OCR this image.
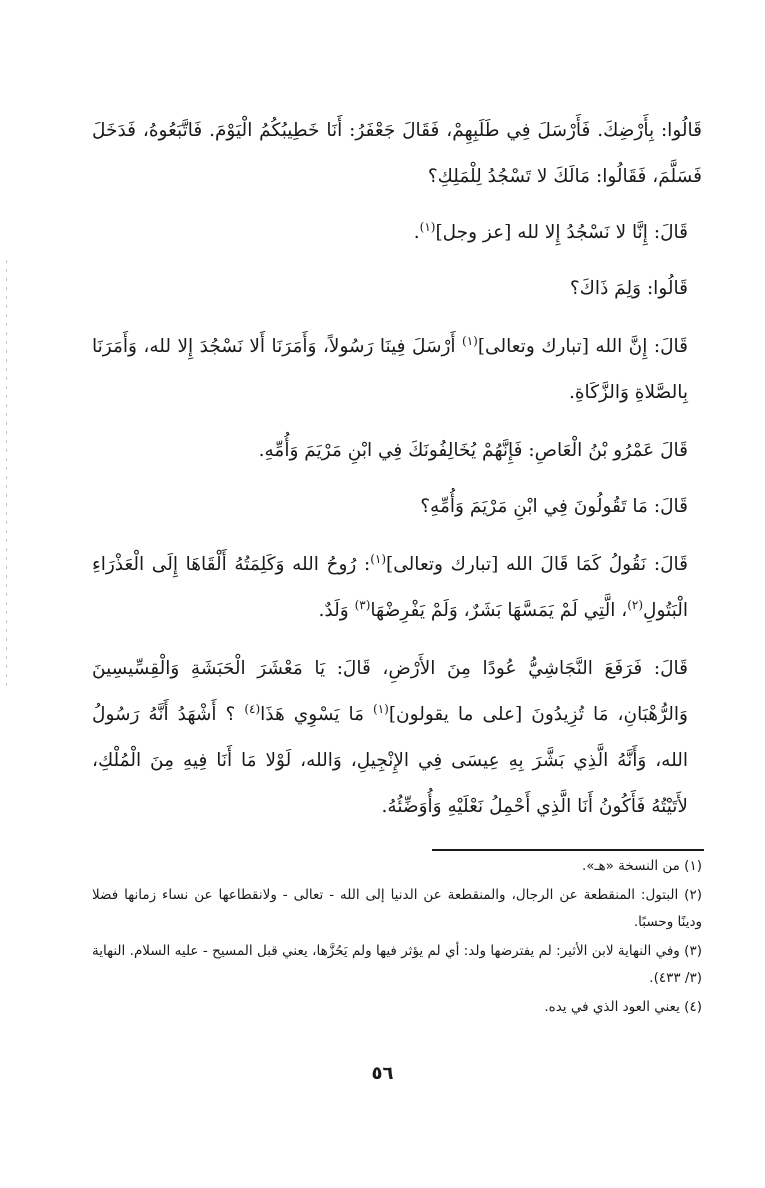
قَالُوا: بِأَرْضِكَ. فَأَرْسَلَ فِي طَلَبِهِمْ، فَقَالَ جَعْفَرُ: أَنَا خَطِيبُكُمُ الْيَوْمَ. فَاتَّبَعُوهُ، فَدَخَلَ فَسَلَّمَ، فَقَالُوا: مَالَكَ لا تَسْجُدُ لِلْمَلِكِ؟

قَالَ: إِنَّا لا نَسْجُدُ إِلا لله [عز وجل]$^{(١)}$.

قَالُوا: وَلِمَ ذَاكَ؟

قَالَ: إِنَّ الله [تبارك وتعالى]$^{(١)}$ أَرْسَلَ فِينَا رَسُولاً، وَأَمَرَنَا أَلا نَسْجُدَ إِلا لله، وَأَمَرَنَا بِالصَّلاةِ وَالزَّكَاةِ.

قَالَ عَمْرُو بْنُ الْعَاصِ: فَإِنَّهُمْ يُخَالِفُونَكَ فِي ابْنِ مَرْيَمَ وَأُمِّهِ.

قَالَ: مَا تَقُولُونَ فِي ابْنِ مَرْيَمَ وَأُمِّهِ؟

قَالَ: نَقُولُ كَمَا قَالَ الله [تبارك وتعالى]$^{(١)}$: رُوحُ الله وَكَلِمَتُهُ أَلْقَاهَا إِلَى الْعَذْرَاءِ الْبَتُولِ$^{(٢)}$، الَّتِي لَمْ يَمَسَّهَا بَشَرٌ، وَلَمْ يَفْرِضْهَا$^{(٣)}$ وَلَدٌ.

قَالَ: فَرَفَعَ النَّجَاشِيُّ عُودًا مِنَ الأَرْضِ، قَالَ: يَا مَعْشَرَ الْحَبَشَةِ وَالْقِسِّيسِينَ وَالرُّهْبَانِ، مَا تُزِيدُونَ [على ما يقولون]$^{(١)}$ مَا يَسْوِي هَذَا$^{(٤)}$ ؟ أَشْهَدُ أَنَّهُ رَسُولُ الله، وَأَنَّهُ الَّذِي بَشَّرَ بِهِ عِيسَى فِي الإِنْجِيلِ، وَالله، لَوْلا مَا أَنَا فِيهِ مِنَ الْمُلْكِ، لأَتَيْتُهُ فَأَكُونُ أَنَا الَّذِي أَحْمِلُ نَعْلَيْهِ وَأُوَضِّئُهُ.

(١) من النسخة «هـ».

(٢) البتول: المنقطعة عن الرجال، والمنقطعة عن الدنيا إلى الله - تعالى - ولانقطاعها عن نساء زمانها فضلا ودينًا وحسبًا.

(٣) وفي النهاية لابن الأثير: لم يفترضها ولد: أي لم يؤثر فيها ولم يَحُزَّها، يعني قبل المسيح - عليه السلام. النهاية (٣/ ٤٣٣).

(٤) يعني العود الذي في يده.

٥٦
